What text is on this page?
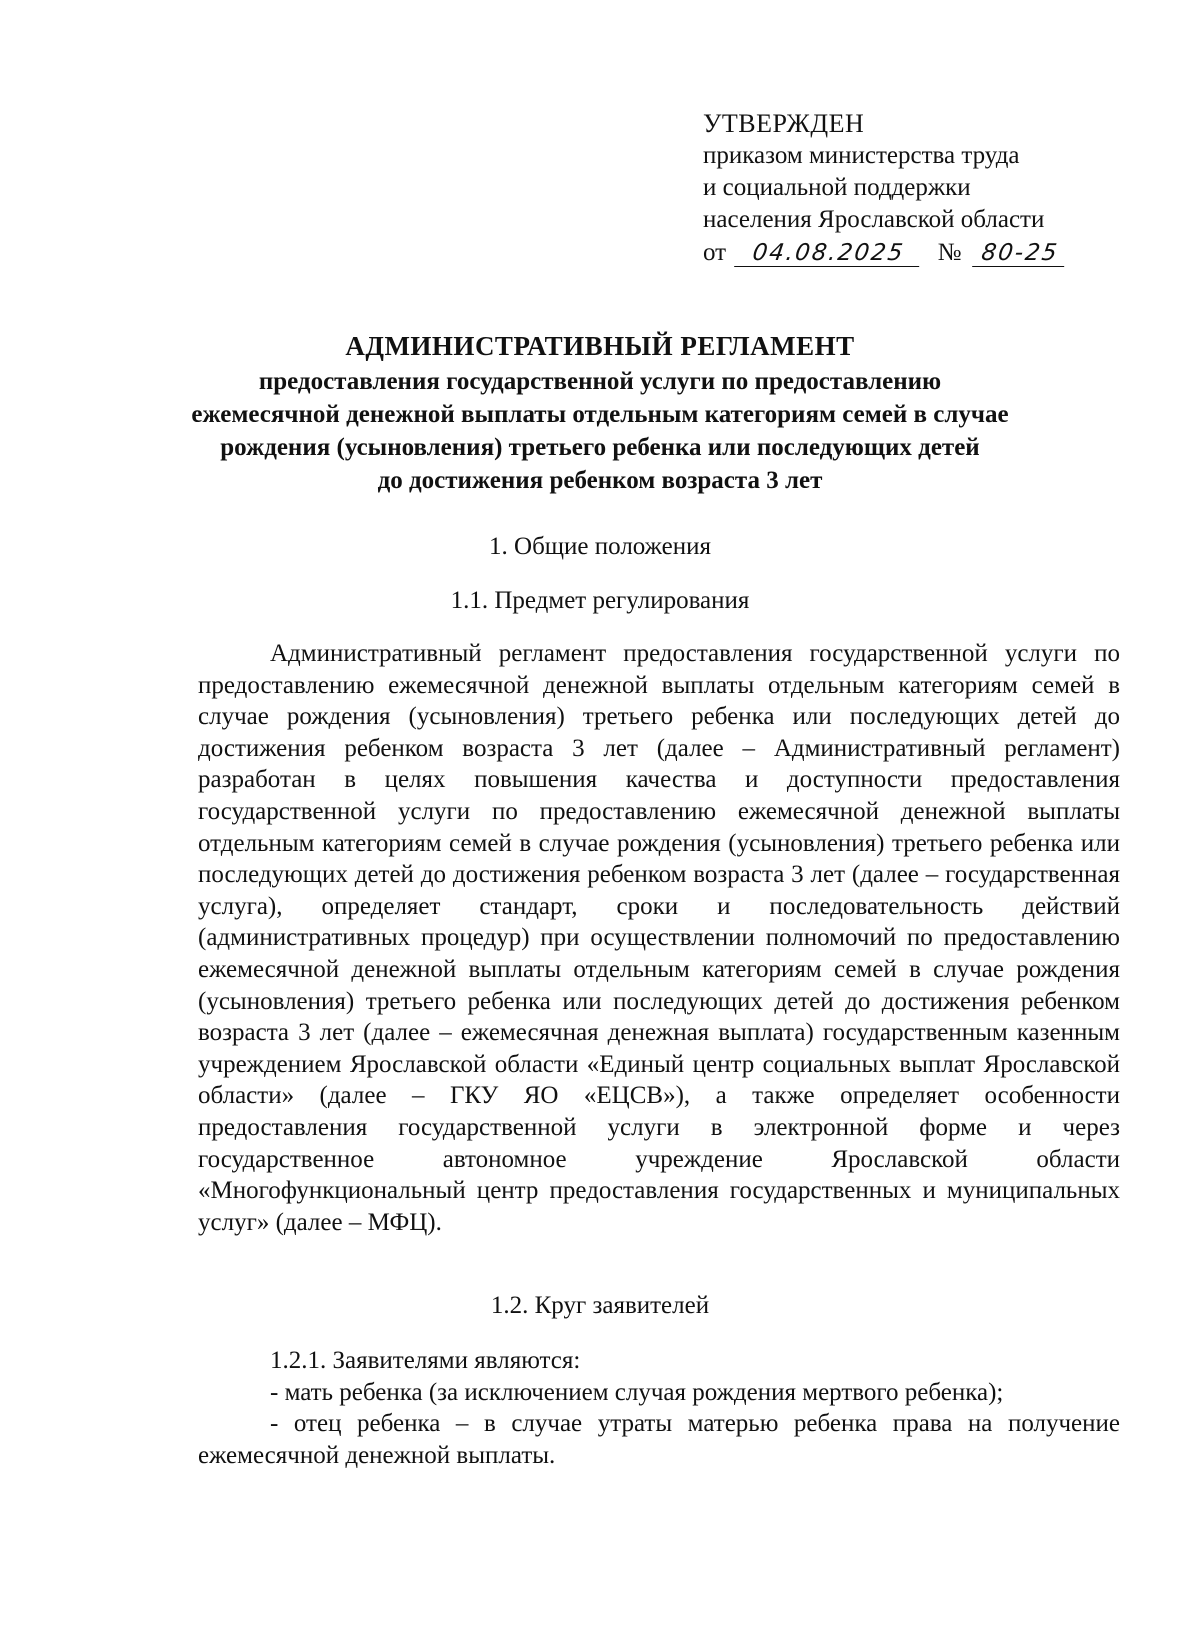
УТВЕРЖДЕН
приказом министерства труда
и социальной поддержки
населения Ярославской области
от 04.08.2025 № 80-25
АДМИНИСТРАТИВНЫЙ РЕГЛАМЕНТ
предоставления государственной услуги по предоставлению
ежемесячной денежной выплаты отдельным категориям семей в случае
рождения (усыновления) третьего ребенка или последующих детей
до достижения ребенком возраста 3 лет
1. Общие положения
1.1. Предмет регулирования

Административный регламент предоставления государственной услуги по предоставлению ежемесячной денежной выплаты отдельным категориям семей в случае рождения (усыновления) третьего ребенка или последующих детей до достижения ребенком возраста 3 лет (далее – Административный регламент) разработан в целях повышения качества и доступности предоставления государственной услуги по предоставлению ежемесячной денежной выплаты отдельным категориям семей в случае рождения (усыновления) третьего ребенка или последующих детей до достижения ребенком возраста 3 лет (далее – государственная услуга), определяет стандарт, сроки и последовательность действий (административных процедур) при осуществлении полномочий по предоставлению ежемесячной денежной выплаты отдельным категориям семей в случае рождения (усыновления) третьего ребенка или последующих детей до достижения ребенком возраста 3 лет (далее – ежемесячная денежная выплата) государственным казенным учреждением Ярославской области «Единый центр социальных выплат Ярославской области» (далее – ГКУ ЯО «ЕЦСВ»), а также определяет особенности предоставления государственной услуги в электронной форме и через государственное автономное учреждение Ярославской области «Многофункциональный центр предоставления государственных и муниципальных услуг» (далее – МФЦ).

1.2. Круг заявителей

1.2.1. Заявителями являются:

- мать ребенка (за исключением случая рождения мертвого ребенка);

- отец ребенка – в случае утраты матерью ребенка права на получение ежемесячной денежной выплаты.
